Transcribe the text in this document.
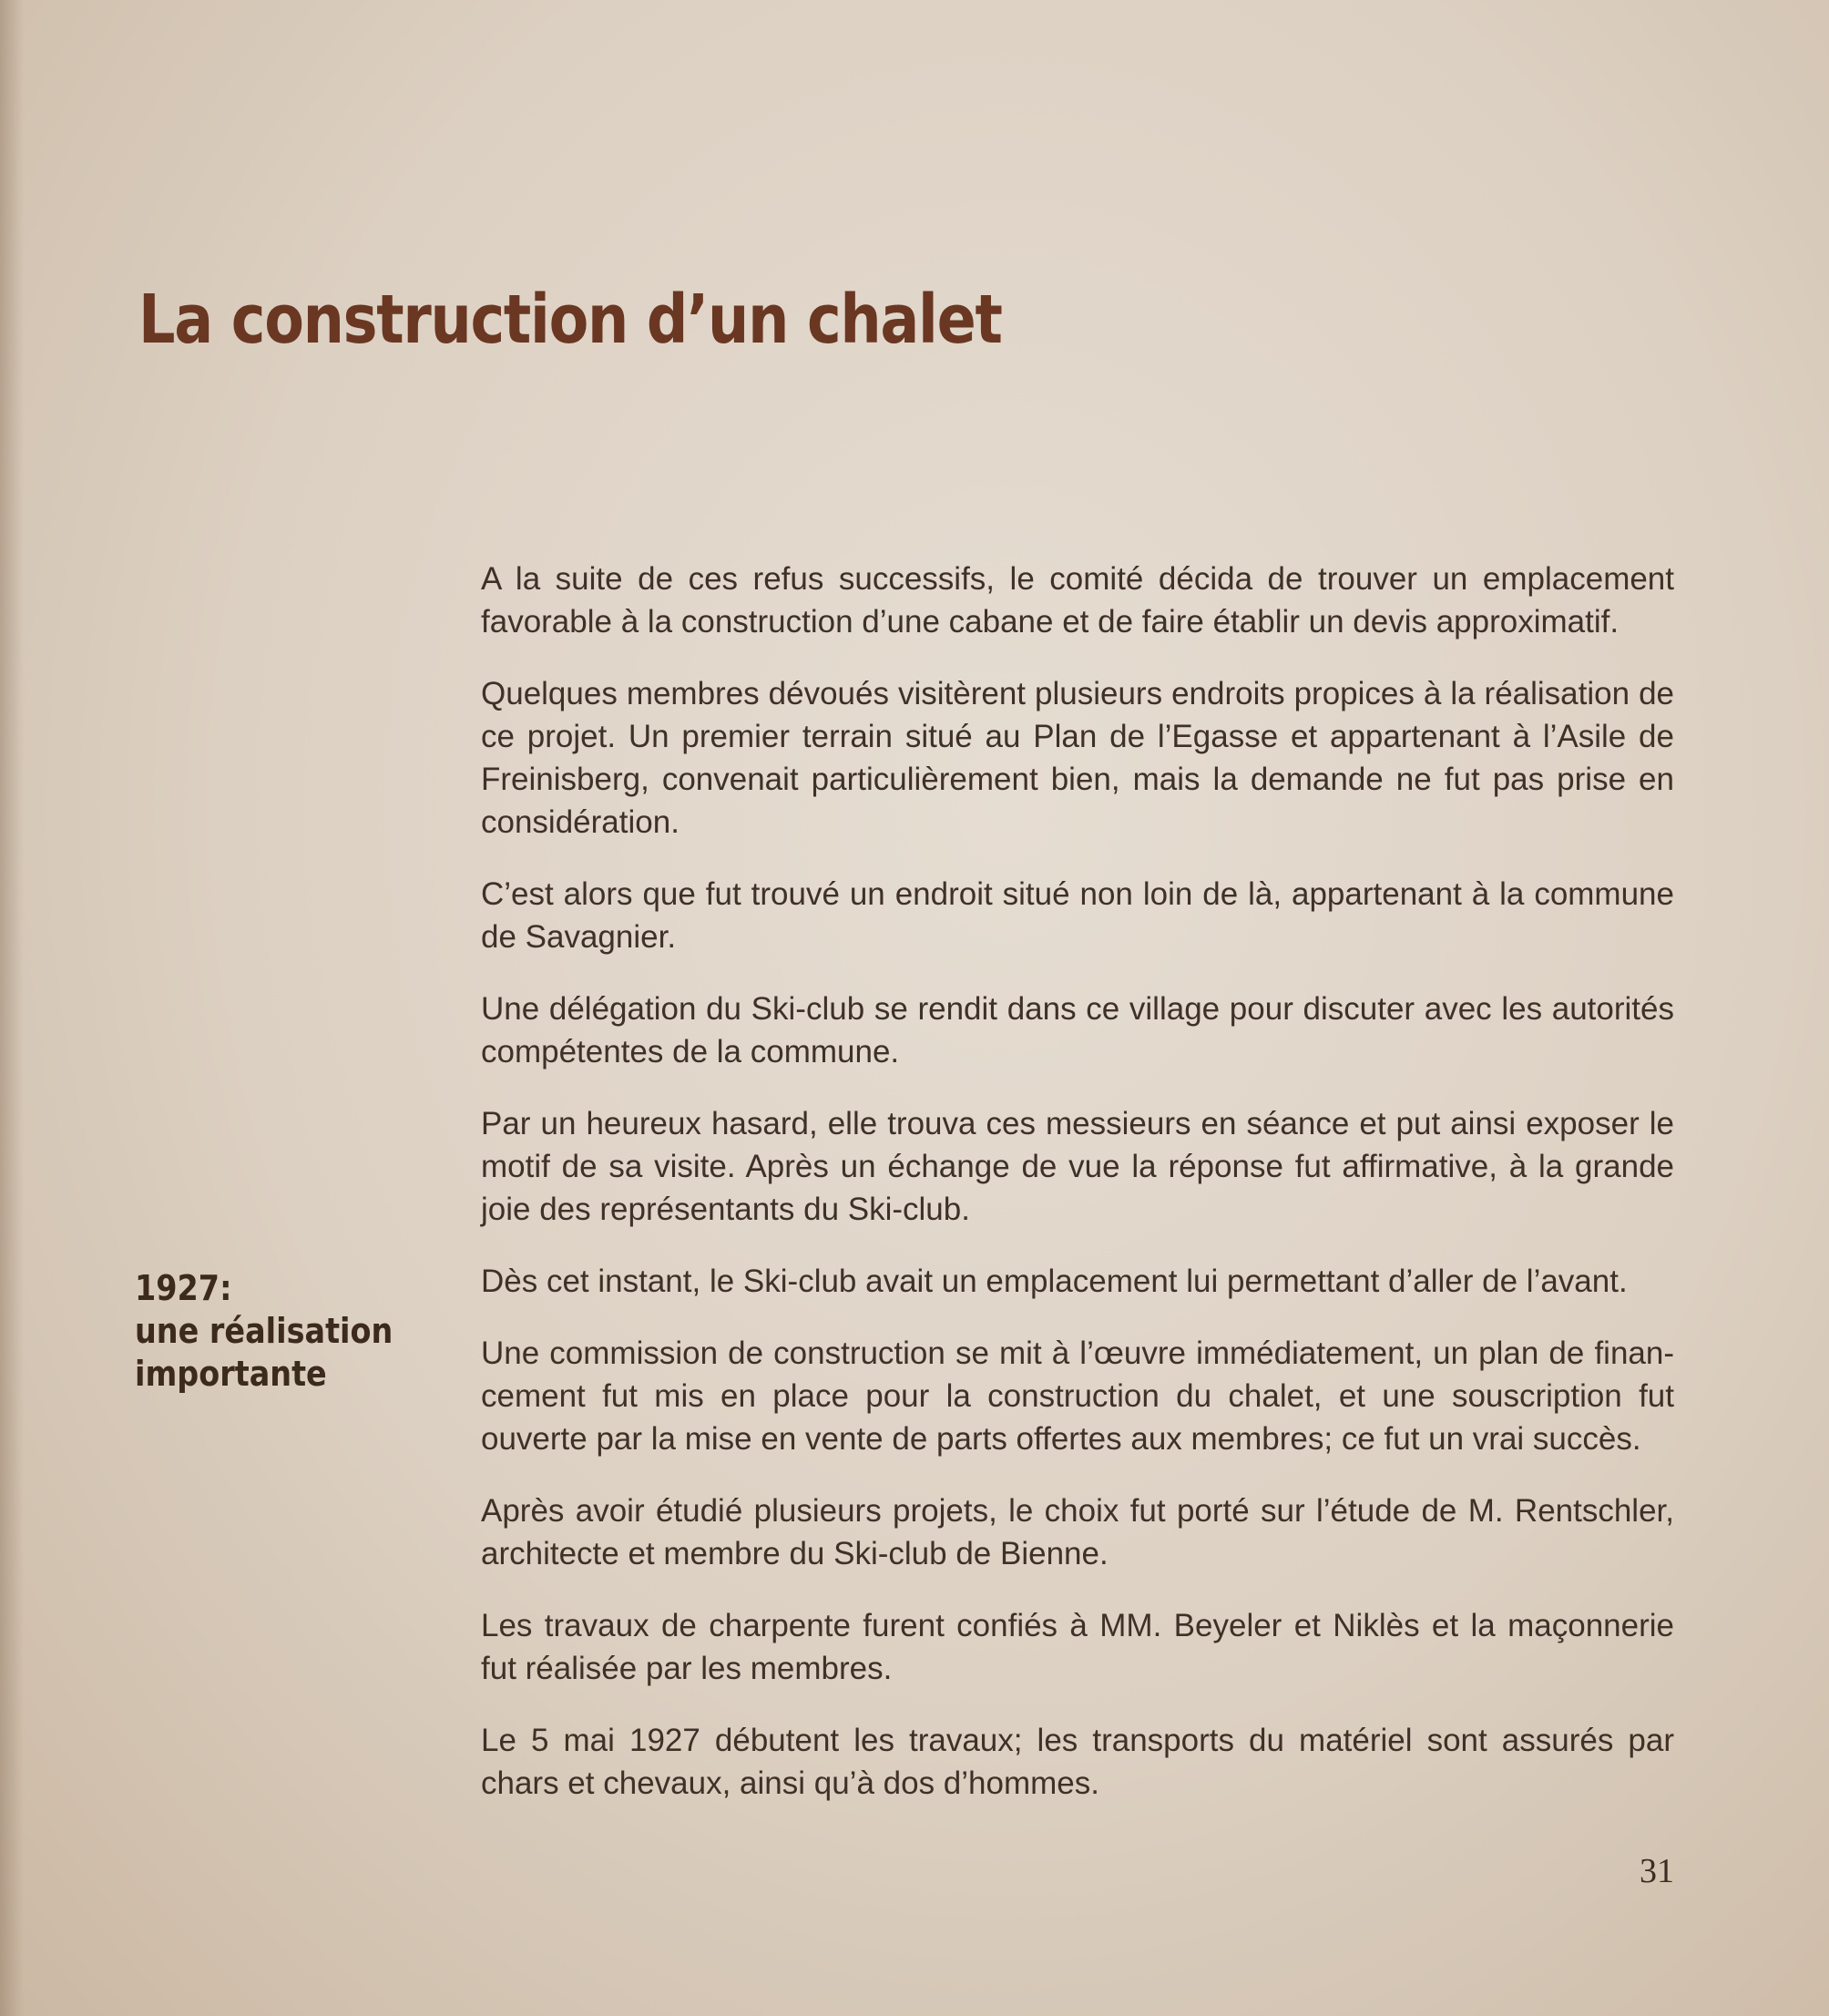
La construction d’un chalet
1927:
une réalisation
importante

A la suite de ces refus successifs, le comité décida de trouver un emplacement favorable à la construction d’une cabane et de faire établir un devis approximatif.

Quelques membres dévoués visitèrent plusieurs endroits propices à la réalisation de ce projet. Un premier terrain situé au Plan de l’Egasse et appartenant à l’Asile de Freinisberg, convenait particulièrement bien, mais la demande ne fut pas prise en considération.

C’est alors que fut trouvé un endroit situé non loin de là, appartenant à la commune de Savagnier.

Une délégation du Ski-club se rendit dans ce village pour discuter avec les autorités compétentes de la commune.

Par un heureux hasard, elle trouva ces messieurs en séance et put ainsi exposer le motif de sa visite. Après un échange de vue la réponse fut affirmative, à la grande joie des représentants du Ski-club.

Dès cet instant, le Ski-club avait un emplacement lui permettant d’aller de l’avant.

Une commission de construction se mit à l’œuvre immédiatement, un plan de financement fut mis en place pour la construction du chalet, et une souscription fut ouverte par la mise en vente de parts offertes aux membres; ce fut un vrai succès.

Après avoir étudié plusieurs projets, le choix fut porté sur l’étude de M. Rentschler, architecte et membre du Ski-club de Bienne.

Les travaux de charpente furent confiés à MM. Beyeler et Niklès et la maçonnerie fut réalisée par les membres.

Le 5 mai 1927 débutent les travaux; les transports du matériel sont assurés par chars et chevaux, ainsi qu’à dos d’hommes.

31
